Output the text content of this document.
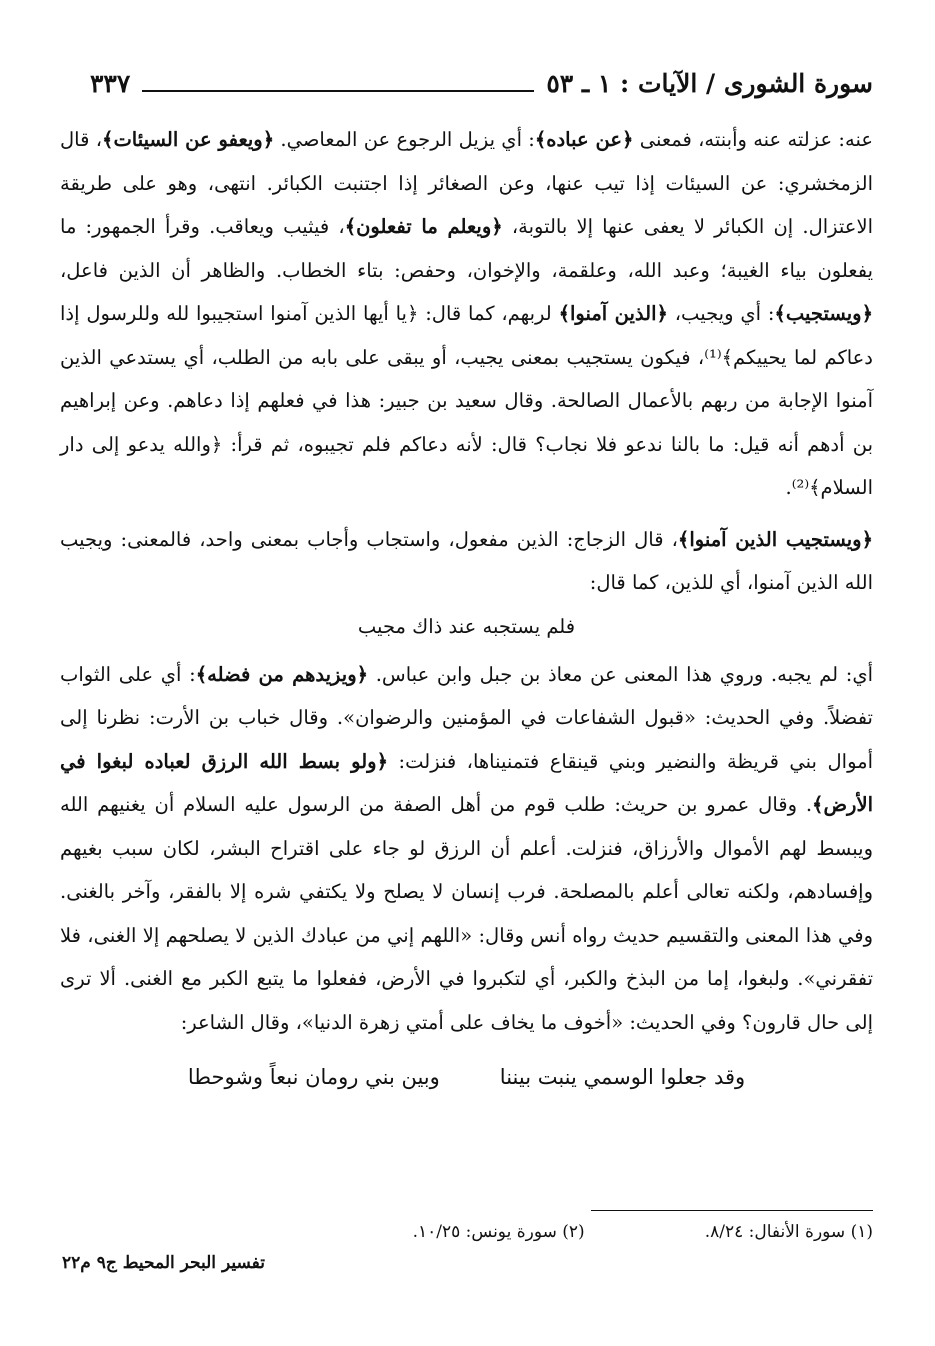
سورة الشورى / الآيات : ١ ـ ٥٣
٣٣٧

عنه: عزلته عنه وأبنته، فمعنى ﴿عن عباده﴾: أي يزيل الرجوع عن المعاصي. ﴿ويعفو عن السيئات﴾، قال الزمخشري: عن السيئات إذا تيب عنها، وعن الصغائر إذا اجتنبت الكبائر. انتهى، وهو على طريقة الاعتزال. إن الكبائر لا يعفى عنها إلا بالتوبة، ﴿ويعلم ما تفعلون﴾، فيثيب ويعاقب. وقرأ الجمهور: ما يفعلون بياء الغيبة؛ وعبد الله، وعلقمة، والإخوان، وحفص: بتاء الخطاب. والظاهر أن الذين فاعل، ﴿ويستجيب﴾: أي ويجيب، ﴿الذين آمنوا﴾ لربهم، كما قال: ﴿يا أيها الذين آمنوا استجيبوا لله وللرسول إذا دعاكم لما يحييكم﴾⁽¹⁾، فيكون يستجيب بمعنى يجيب، أو يبقى على بابه من الطلب، أي يستدعي الذين آمنوا الإجابة من ربهم بالأعمال الصالحة. وقال سعيد بن جبير: هذا في فعلهم إذا دعاهم. وعن إبراهيم بن أدهم أنه قيل: ما بالنا ندعو فلا نجاب؟ قال: لأنه دعاكم فلم تجيبوه، ثم قرأ: ﴿والله يدعو إلى دار السلام﴾⁽²⁾.

﴿ويستجيب الذين آمنوا﴾، قال الزجاج: الذين مفعول، واستجاب وأجاب بمعنى واحد، فالمعنى: ويجيب الله الذين آمنوا، أي للذين، كما قال:

فلم يستجبه عند ذاك مجيب

أي: لم يجبه. وروي هذا المعنى عن معاذ بن جبل وابن عباس. ﴿ويزيدهم من فضله﴾: أي على الثواب تفضلاً. وفي الحديث: «قبول الشفاعات في المؤمنين والرضوان». وقال خباب بن الأرت: نظرنا إلى أموال بني قريظة والنضير وبني قينقاع فتمنيناها، فنزلت: ﴿ولو بسط الله الرزق لعباده لبغوا في الأرض﴾. وقال عمرو بن حريث: طلب قوم من أهل الصفة من الرسول عليه السلام أن يغنيهم الله ويبسط لهم الأموال والأرزاق، فنزلت. أعلم أن الرزق لو جاء على اقتراح البشر، لكان سبب بغيهم وإفسادهم، ولكنه تعالى أعلم بالمصلحة. فرب إنسان لا يصلح ولا يكتفي شره إلا بالفقر، وآخر بالغنى. وفي هذا المعنى والتقسيم حديث رواه أنس وقال: «اللهم إني من عبادك الذين لا يصلحهم إلا الغنى، فلا تفقرني». ولبغوا، إما من البذخ والكبر، أي لتكبروا في الأرض، ففعلوا ما يتبع الكبر مع الغنى. ألا ترى إلى حال قارون؟ وفي الحديث: «أخوف ما يخاف على أمتي زهرة الدنيا»، وقال الشاعر:

وقد جعلوا الوسمي ينبت بيننا
وبين بني رومان نبعاً وشوحطا
(١) سورة الأنفال: ٨/٢٤.
(٢) سورة يونس: ١٠/٢٥.
تفسير البحر المحيط ج٩ م٢٢
